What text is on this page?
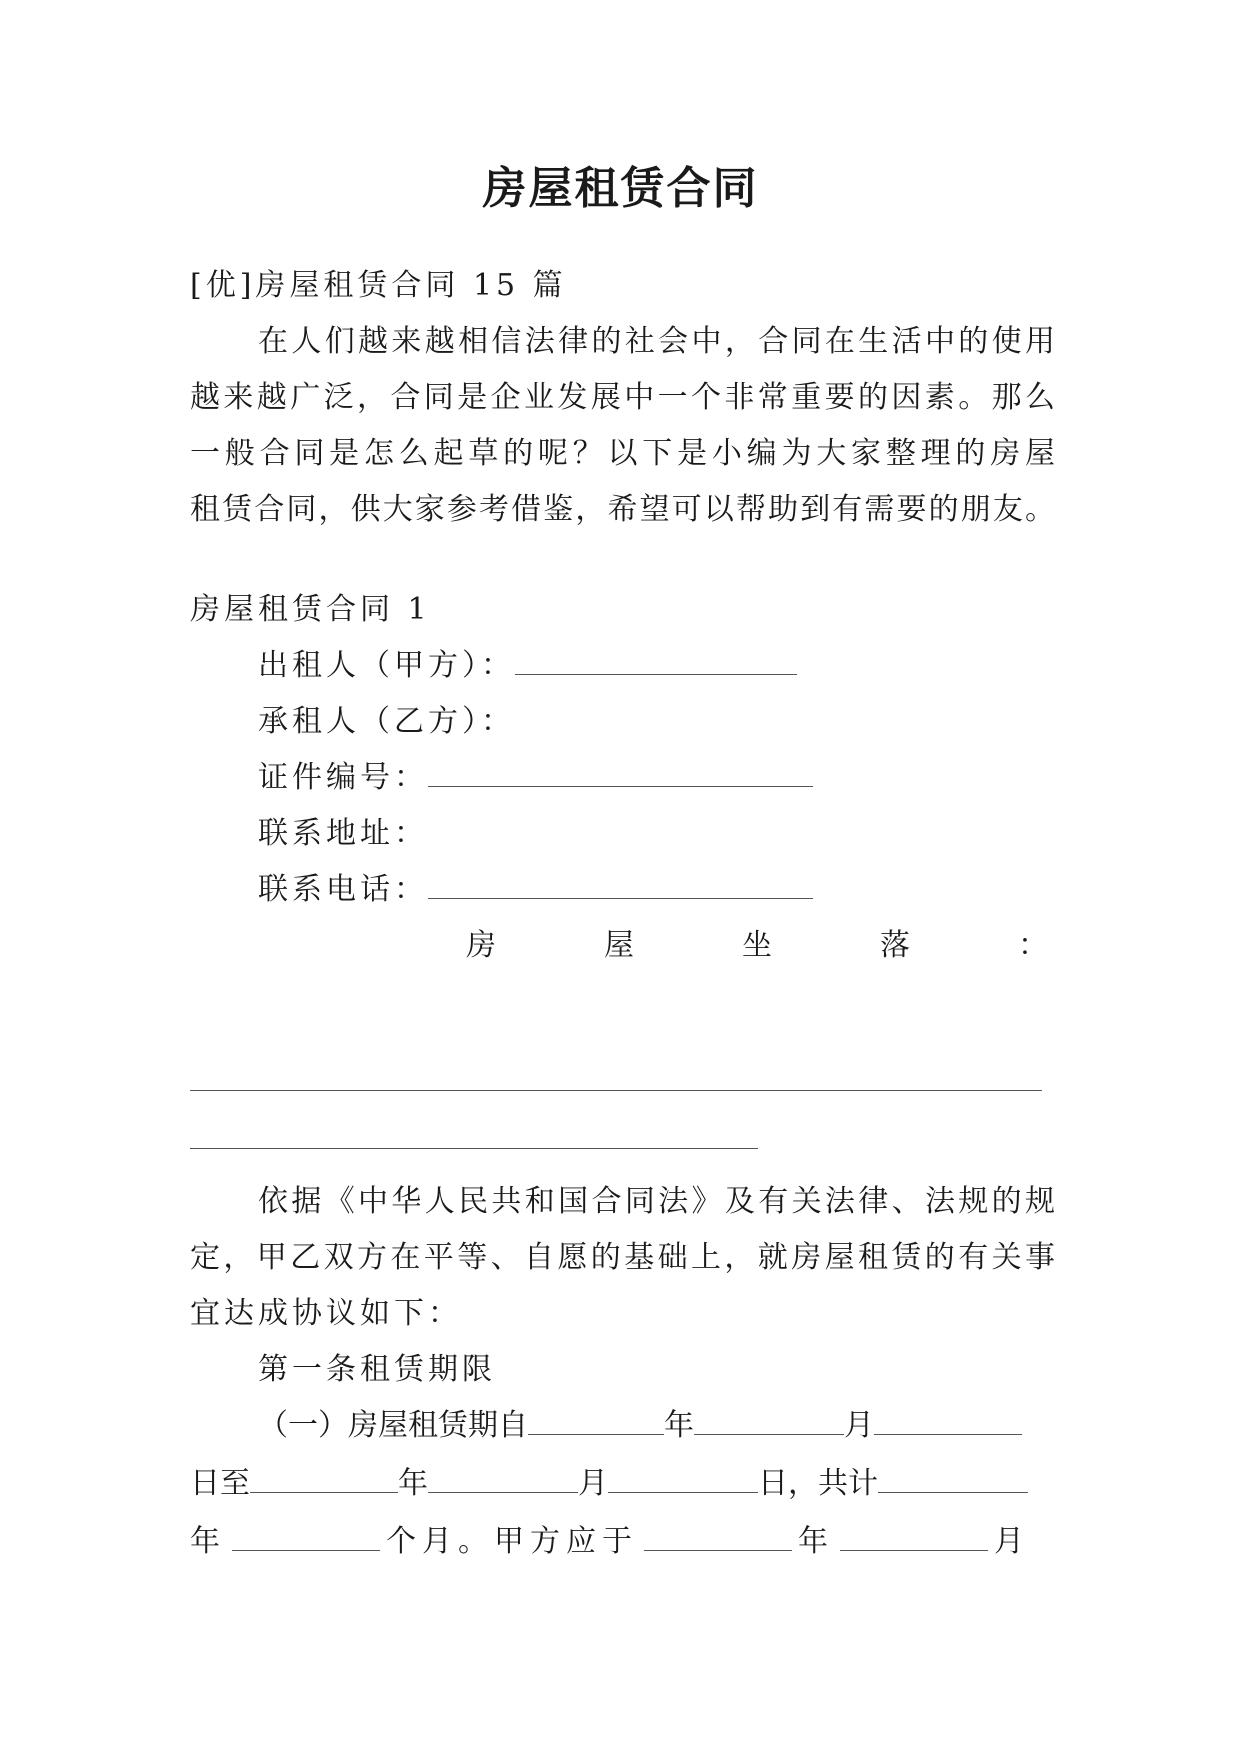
房屋租赁合同
[优]房屋租赁合同 15 篇
在人们越来越相信法律的社会中，合同在生活中的使用
越来越广泛，合同是企业发展中一个非常重要的因素。那么
一般合同是怎么起草的呢？以下是小编为大家整理的房屋
租赁合同，供大家参考借鉴，希望可以帮助到有需要的朋友。
房屋租赁合同 1
出租人（甲方）：
承租人（乙方）：
证件编号：
联系地址：
联系电话：
房	屋	坐	落	：
依据《中华人民共和国合同法》及有关法律、法规的规
定，甲乙双方在平等、自愿的基础上，就房屋租赁的有关事
宜达成协议如下：
第一条租赁期限
（一）房屋租赁期自	年	月
日至	年	月	日，共计
年	个月。甲方应于	年	月
